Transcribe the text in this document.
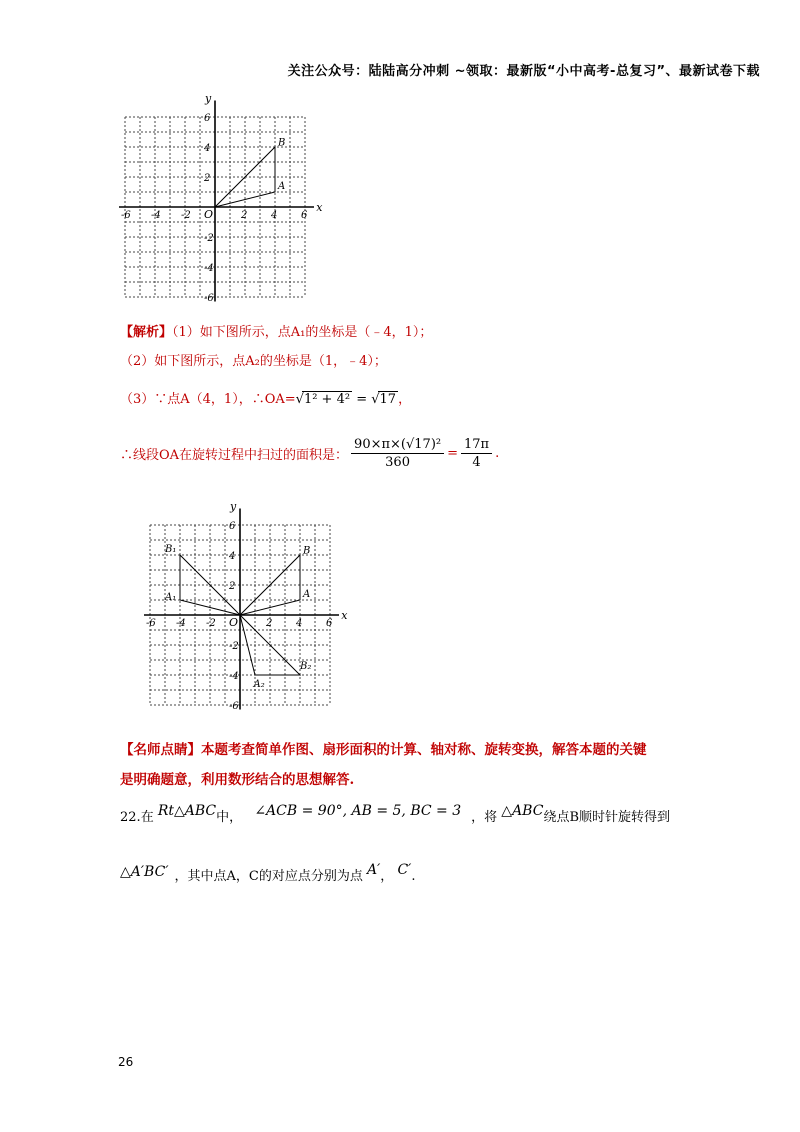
关注公众号：陆陆高分冲刺 ~领取：最新版“小中高考-总复习”、最新试卷下载
x
y
O
-6 -4 -2	2 4 6
6
4
2
-2
-4
-6
A
B
【解析】（1）如下图所示，点A₁的坐标是（﹣4，1）；
（2）如下图所示，点A₂的坐标是（1，﹣4）；
（3）∵点A（4，1），∴OA=√1² + 4² = √17 ，
∴线段OA在旋转过程中扫过的面积是： $\frac{\text{90×π×(√17)²}}{360} = \frac{17\pi}{4}$ .
x
y
O
-6 -4 -2	2 4 6
6
4
2
-2
-4
-6
A
B
A₁
B₁
A₂
B₂
【名师点睛】本题考查简单作图、扇形面积的计算、轴对称、旋转变换，解答本题的关键
是明确题意，利用数形结合的思想解答.
22.在 Rt△ABC中， ∠ACB = 90°, AB = 5, BC = 3 ，将 △ABC绕点B顺时针旋转得到
△A′BC′ ，其中点A，C的对应点分别为点 A′， C′.
26
